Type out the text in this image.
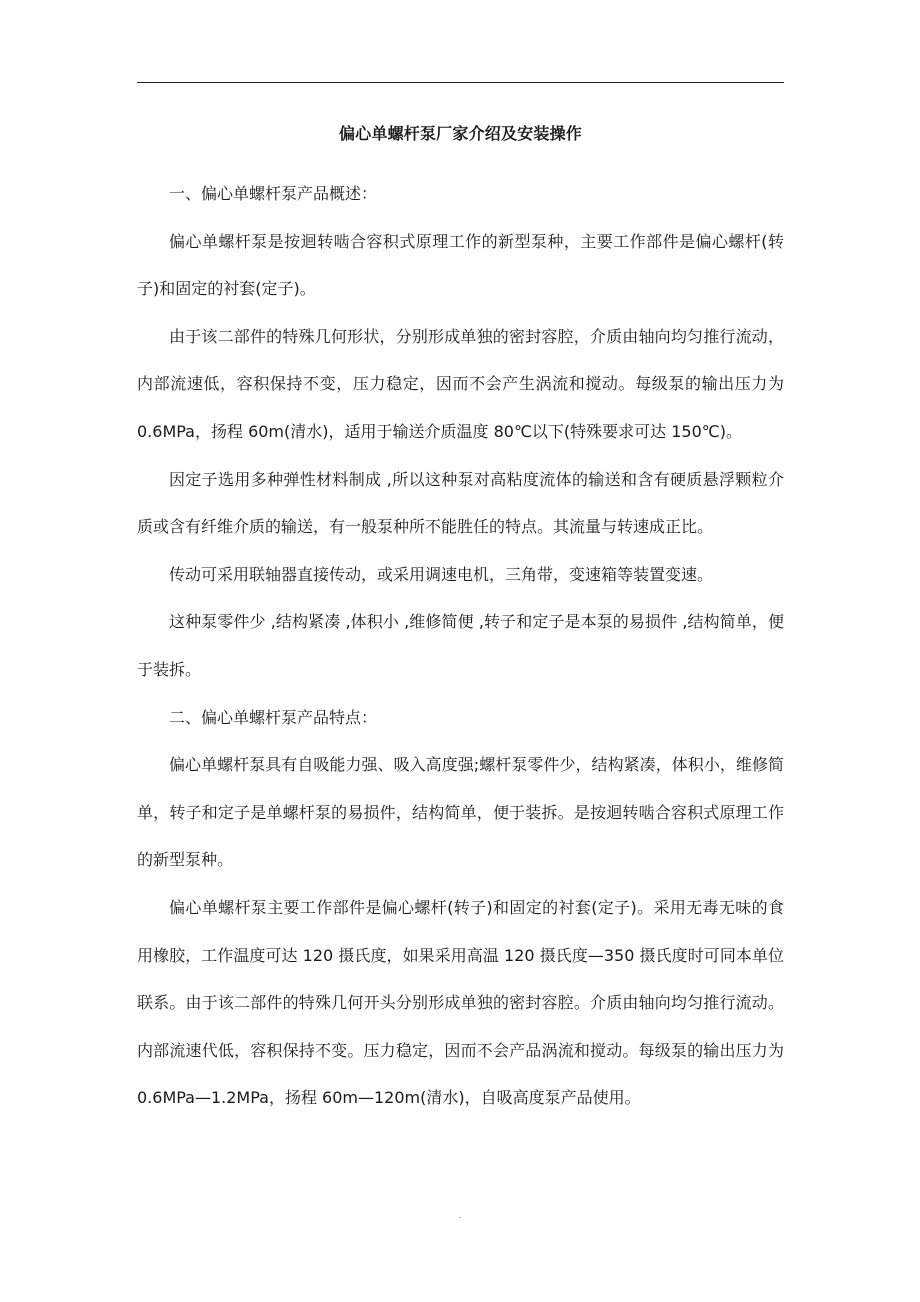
偏心单螺杆泵厂家介绍及安装操作

一、偏心单螺杆泵产品概述：

偏心单螺杆泵是按迴转啮合容积式原理工作的新型泵种，主要工作部件是偏心螺杆(转子)和固定的衬套(定子)。

由于该二部件的特殊几何形状，分别形成单独的密封容腔，介质由轴向均匀推行流动，内部流速低，容积保持不变，压力稳定，因而不会产生涡流和搅动。每级泵的输出压力为0.6MPa，扬程 60m(清水)，适用于输送介质温度 80℃以下(特殊要求可达 150℃)。

因定子选用多种弹性材料制成 ,所以这种泵对高粘度流体的输送和含有硬质悬浮颗粒介质或含有纤维介质的输送，有一般泵种所不能胜任的特点。其流量与转速成正比。

传动可采用联轴器直接传动，或采用调速电机，三角带，变速箱等装置变速。

这种泵零件少 ,结构紧凑 ,体积小 ,维修简便 ,转子和定子是本泵的易损件 ,结构简单，便于装拆。

二、偏心单螺杆泵产品特点：

偏心单螺杆泵具有自吸能力强、吸入高度强;螺杆泵零件少，结构紧凑，体积小，维修简单，转子和定子是单螺杆泵的易损件，结构简单，便于装拆。是按迴转啮合容积式原理工作的新型泵种。

偏心单螺杆泵主要工作部件是偏心螺杆(转子)和固定的衬套(定子)。采用无毒无味的食用橡胶，工作温度可达 120 摄氏度，如果采用高温 120 摄氏度—350 摄氏度时可同本单位联系。由于该二部件的特殊几何开头分别形成单独的密封容腔。介质由轴向均匀推行流动。内部流速代低，容积保持不变。压力稳定，因而不会产品涡流和搅动。每级泵的输出压力为0.6MPa—1.2MPa，扬程 60m—120m(清水)，自吸高度泵产品使用。

.
